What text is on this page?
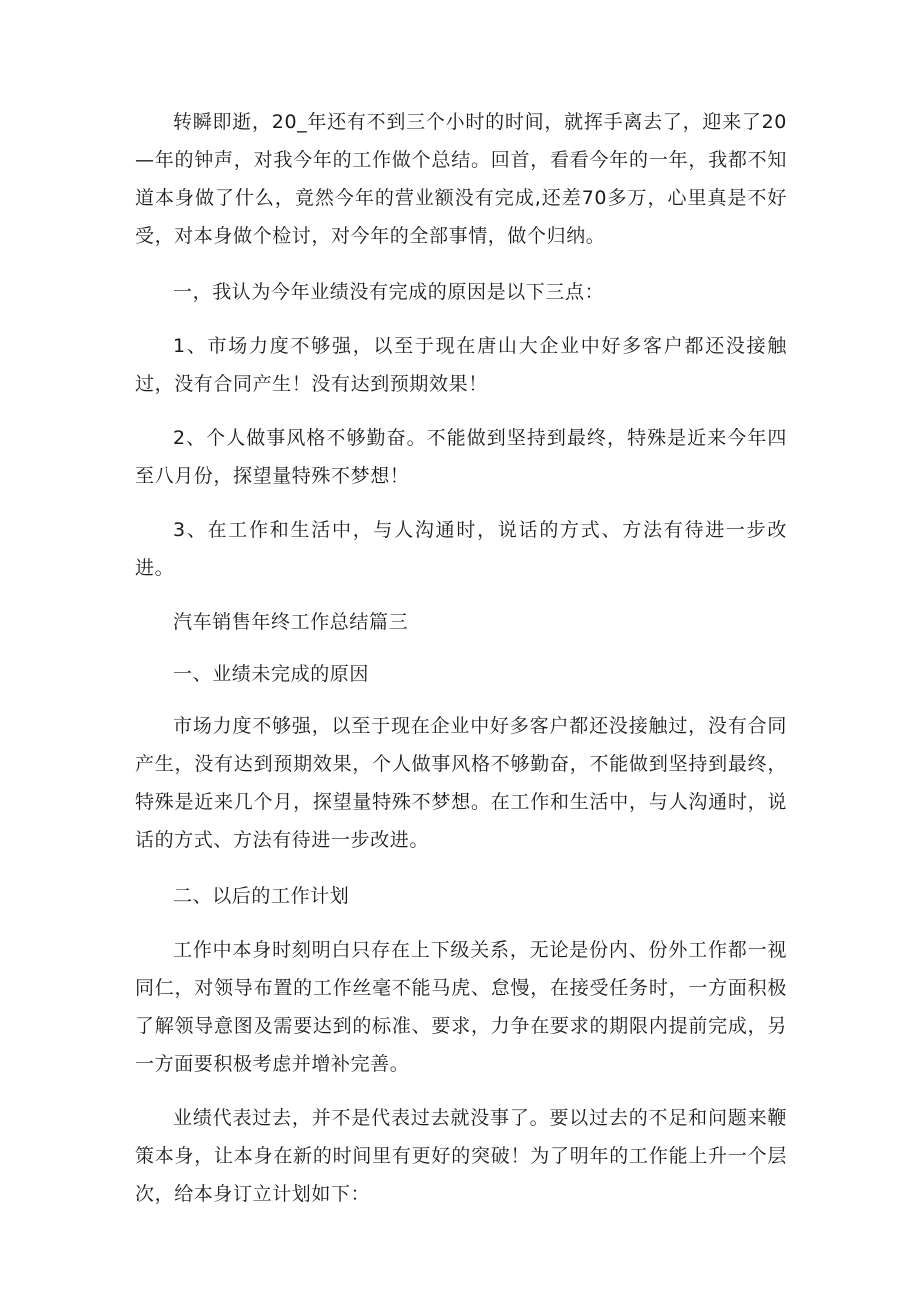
转瞬即逝，20_年还有不到三个小时的时间，就挥手离去了，迎来了20—年的钟声，对我今年的工作做个总结。回首，看看今年的一年，我都不知道本身做了什么，竟然今年的营业额没有完成,还差70多万，心里真是不好受，对本身做个检讨，对今年的全部事情，做个归纳。

一，我认为今年业绩没有完成的原因是以下三点：

1、市场力度不够强，以至于现在唐山大企业中好多客户都还没接触过，没有合同产生！没有达到预期效果！

2、个人做事风格不够勤奋。不能做到坚持到最终，特殊是近来今年四至八月份，探望量特殊不梦想！

3、在工作和生活中，与人沟通时，说话的方式、方法有待进一步改进。

汽车销售年终工作总结篇三

一、业绩未完成的原因

市场力度不够强，以至于现在企业中好多客户都还没接触过，没有合同产生，没有达到预期效果，个人做事风格不够勤奋，不能做到坚持到最终，特殊是近来几个月，探望量特殊不梦想。在工作和生活中，与人沟通时，说话的方式、方法有待进一步改进。

二、以后的工作计划

工作中本身时刻明白只存在上下级关系，无论是份内、份外工作都一视同仁，对领导布置的工作丝毫不能马虎、怠慢，在接受任务时，一方面积极了解领导意图及需要达到的标准、要求，力争在要求的期限内提前完成，另一方面要积极考虑并增补完善。

业绩代表过去，并不是代表过去就没事了。要以过去的不足和问题来鞭策本身，让本身在新的时间里有更好的突破！为了明年的工作能上升一个层次，给本身订立计划如下：
